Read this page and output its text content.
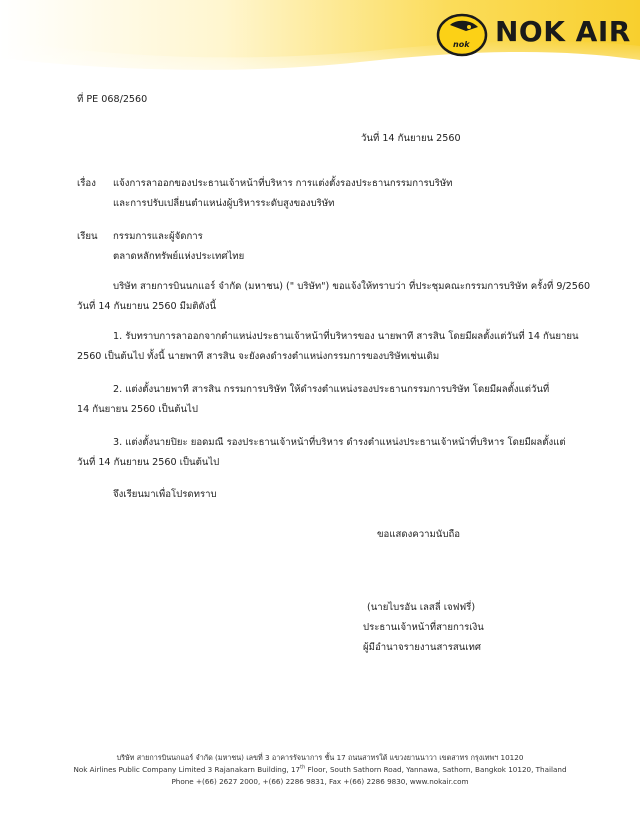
nok NOK AIR
ที่ PE 068/2560
วันที่ 14 กันยายน 2560
เรื่อง แจ้งการลาออกของประธานเจ้าหน้าที่บริหาร การแต่งตั้งรองประธานกรรมการบริษัท
และการปรับเปลี่ยนตำแหน่งผู้บริหารระดับสูงของบริษัท
เรียน กรรมการและผู้จัดการ
ตลาดหลักทรัพย์แห่งประเทศไทย
บริษัท สายการบินนกแอร์ จำกัด (มหาชน) (" บริษัท") ขอแจ้งให้ทราบว่า ที่ประชุมคณะกรรมการบริษัท ครั้งที่ 9/2560
วันที่ 14 กันยายน 2560 มีมติดังนี้
1. รับทราบการลาออกจากตำแหน่งประธานเจ้าหน้าที่บริหารของ นายพาที สารสิน โดยมีผลตั้งแต่วันที่ 14 กันยายน
2560 เป็นต้นไป ทั้งนี้ นายพาที สารสิน จะยังคงดำรงตำแหน่งกรรมการของบริษัทเช่นเดิม
2. แต่งตั้งนายพาที สารสิน กรรมการบริษัท ให้ดำรงตำแหน่งรองประธานกรรมการบริษัท โดยมีผลตั้งแต่วันที่
14 กันยายน 2560 เป็นต้นไป
3. แต่งตั้งนายปิยะ ยอดมณี รองประธานเจ้าหน้าที่บริหาร ดำรงตำแหน่งประธานเจ้าหน้าที่บริหาร โดยมีผลตั้งแต่
วันที่ 14 กันยายน 2560 เป็นต้นไป
จึงเรียนมาเพื่อโปรดทราบ
ขอแสดงความนับถือ
(นายไบรอัน เลสลี่ เจฟฟรี่)
ประธานเจ้าหน้าที่สายการเงิน
ผู้มีอำนาจรายงานสารสนเทศ
บริษัท สายการบินนกแอร์ จำกัด (มหาชน) เลขที่ 3 อาคารรัจนาการ ชั้น 17 ถนนสาทรใต้ แขวงยานนาวา เขตสาทร กรุงเทพฯ 10120
Nok Airlines Public Company Limited 3 Rajanakarn Building, 17th Floor, South Sathorn Road, Yannawa, Sathorn, Bangkok 10120, Thailand
Phone +(66) 2627 2000, +(66) 2286 9831, Fax +(66) 2286 9830, www.nokair.com
